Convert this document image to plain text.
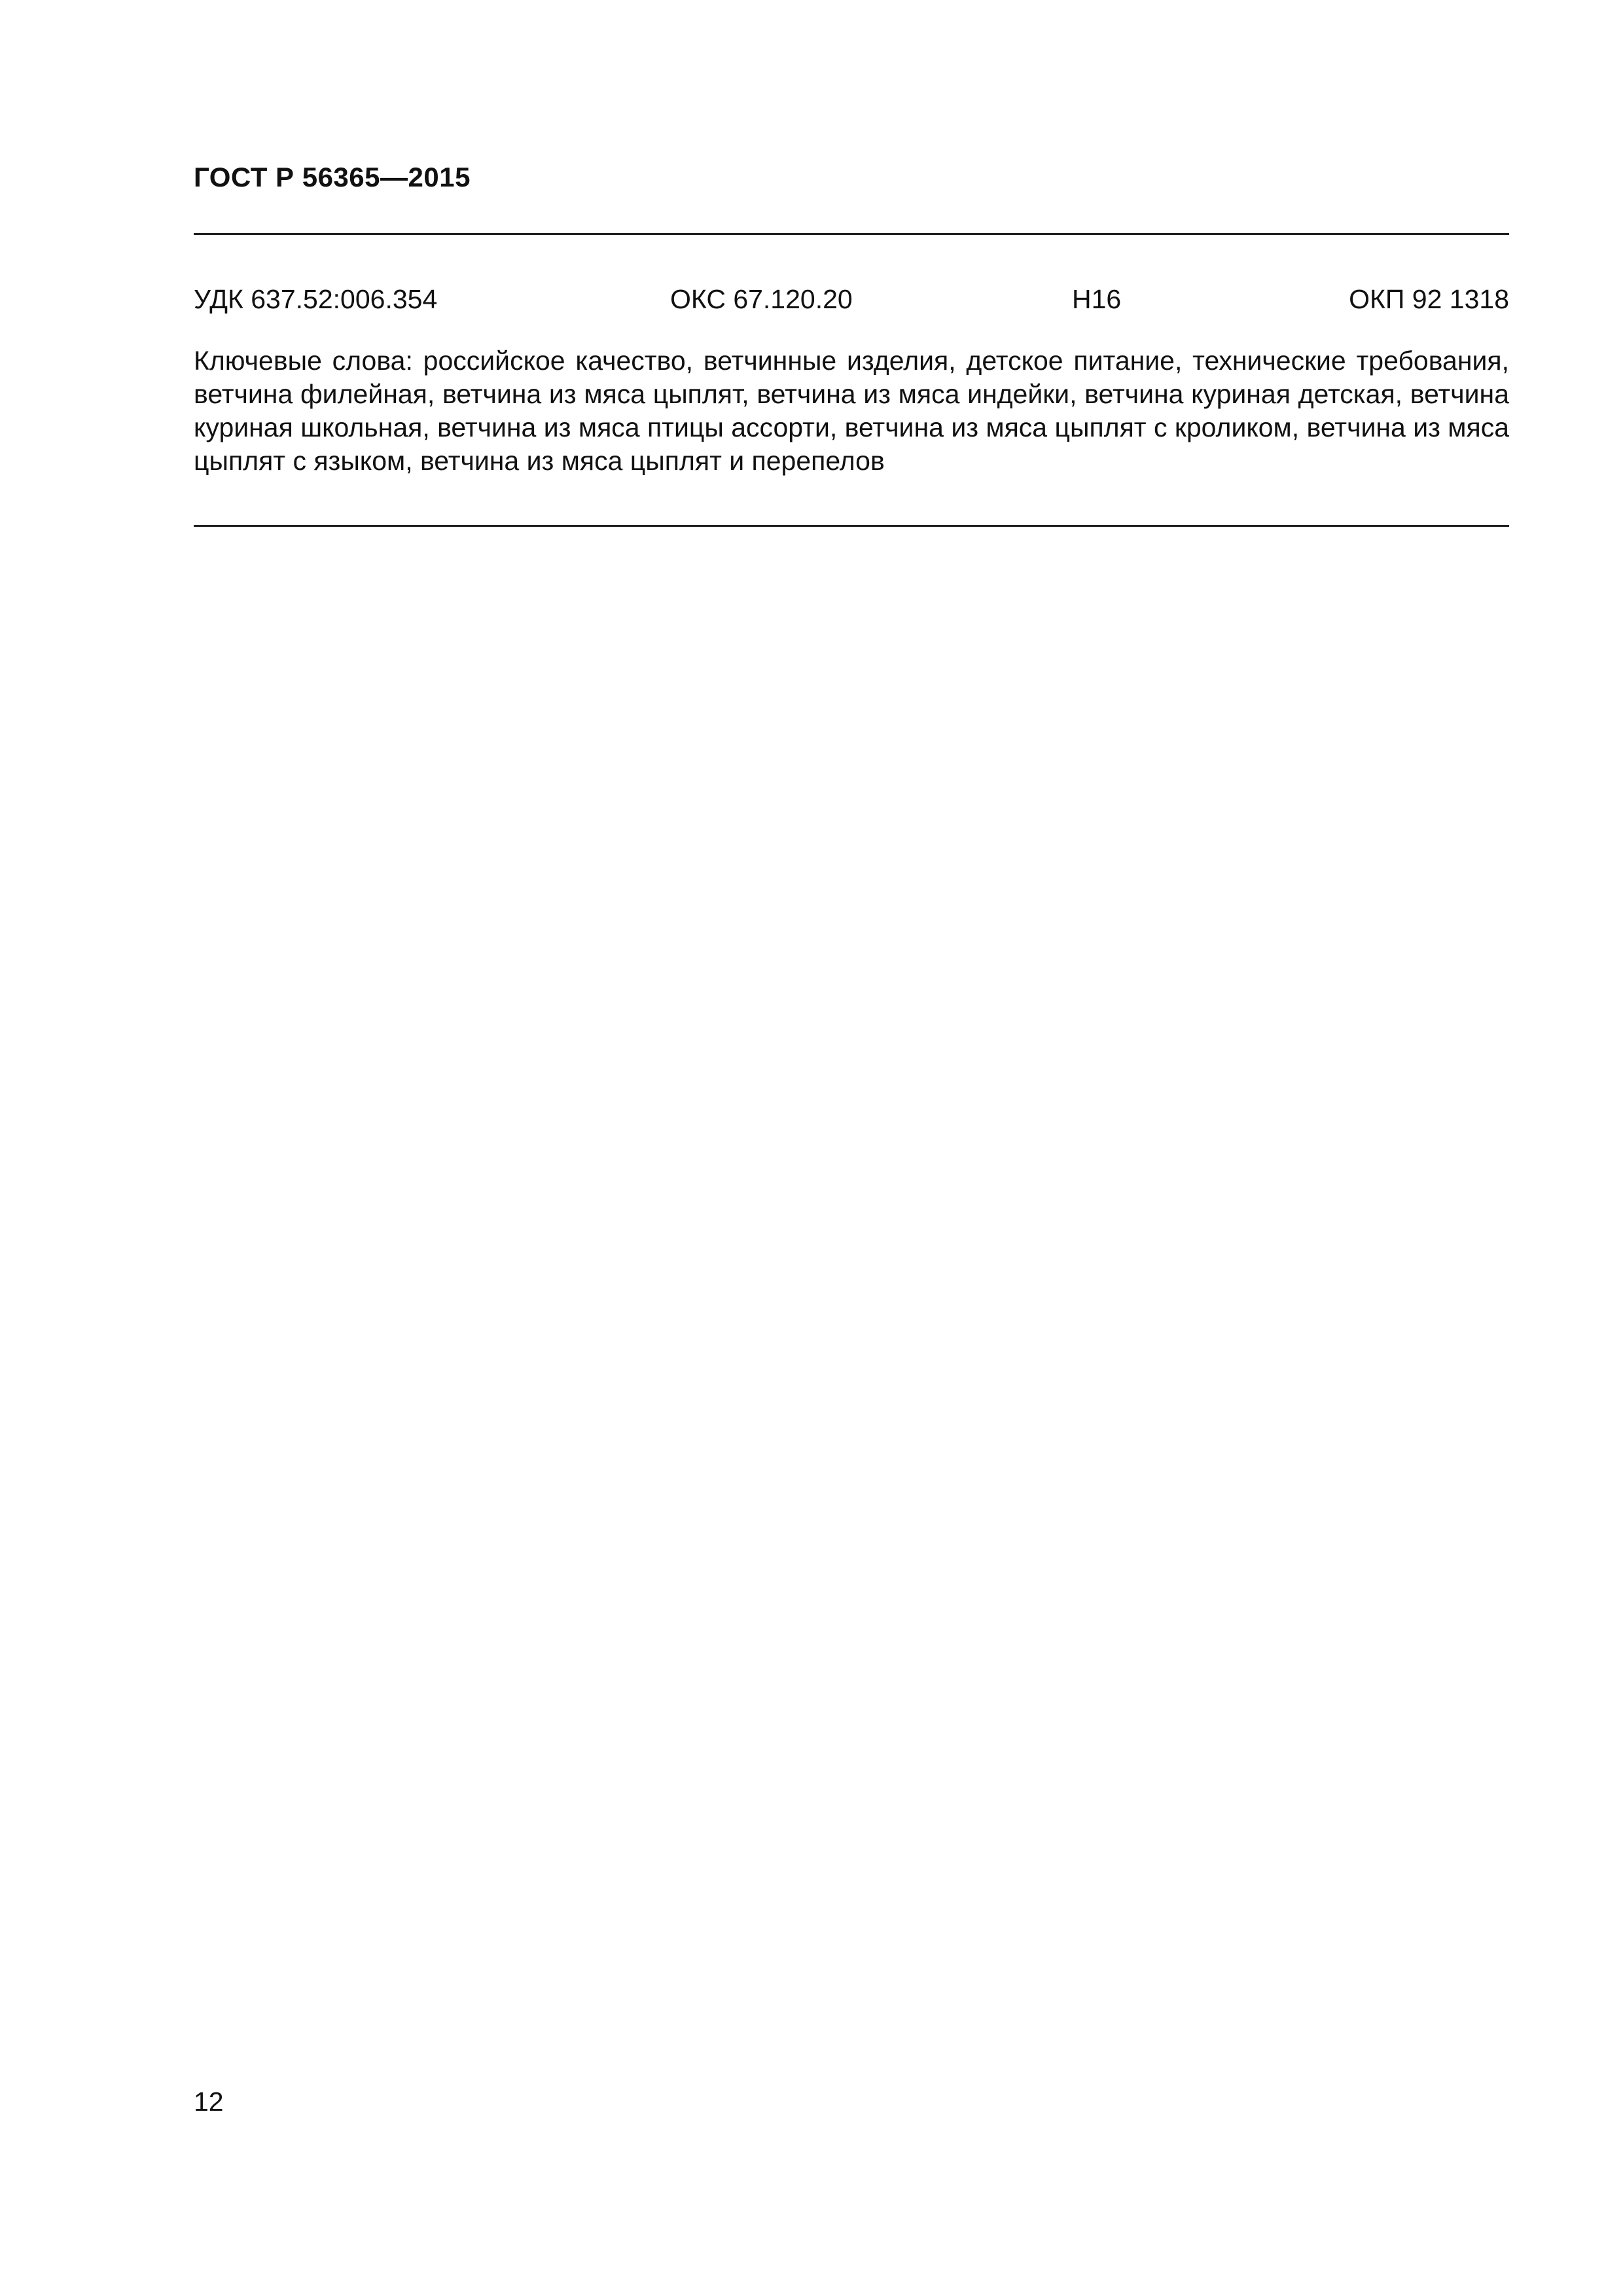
ГОСТ Р 56365—2015
УДК 637.52:006.354	ОКС 67.120.20	Н16	ОКП 92 1318
Ключевые слова: российское качество, ветчинные изделия, детское питание, технические требования, ветчина филейная, ветчина из мяса цыплят, ветчина из мяса индейки, ветчина куриная детская, ветчина куриная школьная, ветчина из мяса птицы ассорти, ветчина из мяса цыплят с кроликом, ветчина из мяса цыплят с языком, ветчина из мяса цыплят и перепелов
12
